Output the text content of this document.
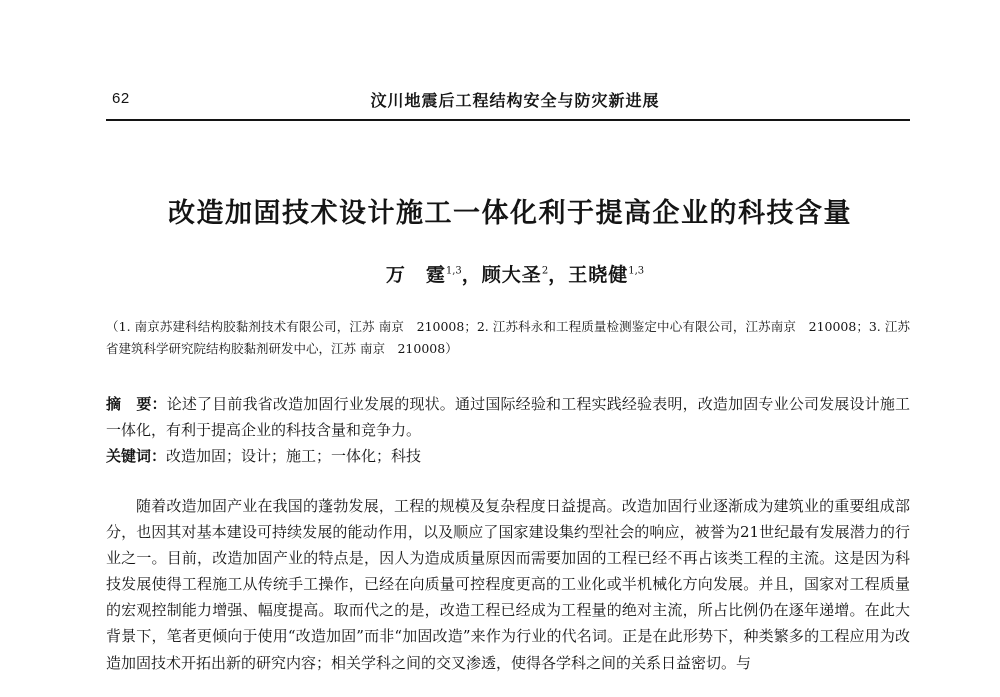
62	汶川地震后工程结构安全与防灾新进展
改造加固技术设计施工一体化利于提高企业的科技含量
万　霆$^{1,3}$，顾大圣$^2$，王晓健$^{1,3}$
（1. 南京苏建科结构胶黏剂技术有限公司，江苏 南京　210008；2. 江苏科永和工程质量检测鉴定中心有限公司，江苏南京　210008；3. 江苏省建筑科学研究院结构胶黏剂研发中心，江苏 南京　210008）
摘　要：论述了目前我省改造加固行业发展的现状。通过国际经验和工程实践经验表明，改造加固专业公司发展设计施工一体化，有利于提高企业的科技含量和竞争力。
关键词：改造加固；设计；施工；一体化；科技

随着改造加固产业在我国的蓬勃发展，工程的规模及复杂程度日益提高。改造加固行业逐渐成为建筑业的重要组成部分，也因其对基本建设可持续发展的能动作用，以及顺应了国家建设集约型社会的响应，被誉为21世纪最有发展潜力的行业之一。目前，改造加固产业的特点是，因人为造成质量原因而需要加固的工程已经不再占该类工程的主流。这是因为科技发展使得工程施工从传统手工操作，已经在向质量可控程度更高的工业化或半机械化方向发展。并且，国家对工程质量的宏观控制能力增强、幅度提高。取而代之的是，改造工程已经成为工程量的绝对主流，所占比例仍在逐年递增。在此大背景下，笔者更倾向于使用“改造加固”而非“加固改造”来作为行业的代名词。正是在此形势下，种类繁多的工程应用为改造加固技术开拓出新的研究内容；相关学科之间的交叉渗透，使得各学科之间的关系日益密切。与
